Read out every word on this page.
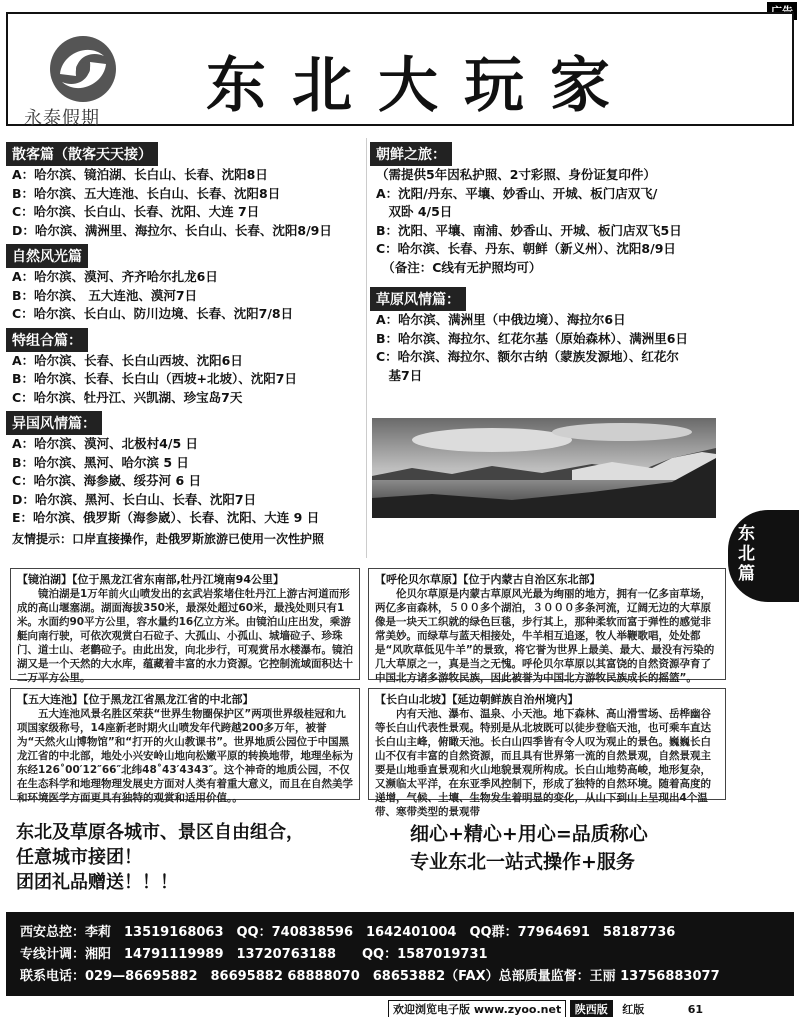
永泰假期 东北大玩家
散客篇（散客天天接）
A：哈尔滨、镜泊湖、长白山、长春、沈阳8日
B：哈尔滨、五大连池、长白山、长春、沈阳8日
C：哈尔滨、长白山、长春、沈阳、大连 7日
D：哈尔滨、满洲里、海拉尔、长白山、长春、沈阳8/9日
自然风光篇
A：哈尔滨、漠河、齐齐哈尔扎龙6日
B：哈尔滨、 五大连池、漠河7日
C：哈尔滨、长白山、防川边境、长春、沈阳7/8日
特组合篇：
A：哈尔滨、长春、长白山西坡、沈阳6日
B：哈尔滨、长春、长白山（西坡+北坡）、沈阳7日
C：哈尔滨、牡丹江、兴凯湖、珍宝岛7天
异国风情篇：
A：哈尔滨、漠河、北极村4/5 日
B：哈尔滨、黑河、哈尔滨 5 日
C：哈尔滨、海参崴、绥芬河 6 日
D：哈尔滨、黑河、长白山、长春、沈阳7日
E：哈尔滨、俄罗斯（海参崴）、长春、沈阳、大连 9 日
友情提示：口岸直接操作，赴俄罗斯旅游已使用一次性护照
朝鲜之旅：
（需提供5年因私护照、2寸彩照、身份证复印件）
A：沈阳/丹东、平壤、妙香山、开城、板门店双飞/
　双卧 4/5日
B：沈阳、平壤、南浦、妙香山、开城、板门店双飞5日
C：哈尔滨、长春、丹东、朝鲜（新义州）、沈阳8/9日
　（备注：C线有无护照均可）
草原风情篇：
A：哈尔滨、满洲里（中俄边境）、海拉尔6日
B：哈尔滨、海拉尔、红花尔基（原始森林）、满洲里6日
C：哈尔滨、海拉尔、额尔古纳（蒙族发源地）、红花尔
　基7日
东北篇
【镜泊湖】【位于黑龙江省东南部,牡丹江境南94公里】
镜泊湖是1万年前火山喷发出的玄武岩浆堵住牡丹江上游古河道而形成的高山堰塞湖。湖面海拔350米，最深处超过60米，最浅处则只有1米。水面约90平方公里，容水量约16亿立方米。由镜泊山庄出发，乘游艇向南行驶，可依次观赏白石砬子、大孤山、小孤山、城墙砬子、珍珠门、道士山、老鹳砬子。由此出发，向北步行，可观赏吊水楼瀑布。镜泊湖又是一个天然的大水库，蕴藏着丰富的水力资源。它控制流域面积达十二万平方公里。
【五大连池】【位于黑龙江省黑龙江省的中北部】
五大连池风景名胜区荣获“世界生物圈保护区”两项世界级桂冠和九项国家级称号，14座新老时期火山喷发年代跨越200多万年，被誉为“天然火山博物馆”和“打开的火山教课书”。世界地质公园位于中国黑龙江省的中北部，地处小兴安岭山地向松嫩平原的转换地带，地理坐标为东经126˚00′12″66″北纬48˚43′4343″。这个神奇的地质公园，不仅在生态科学和地理物理发展史方面对人类有着重大意义，而且在自然美学和环境医学方面更具有独特的观赏和适用价值。。
【呼伦贝尔草原】【位于内蒙古自治区东北部】
伦贝尔草原是内蒙古草原风光最为绚丽的地方，拥有一亿多亩草场，两亿多亩森林，５００多个湖泊，３０００多条河流，辽阔无边的大草原像是一块天工织就的绿色巨毯，步行其上，那种柔软而富于弹性的感觉非常美妙。而绿草与蓝天相接处，牛羊相互追逐，牧人举鞭歌唱，处处都是“风吹草低见牛羊”的景致，将它誉为世界上最美、最大、最没有污染的几大草原之一，真是当之无愧。呼伦贝尔草原以其富饶的自然资源孕育了中国北方诸多游牧民族，因此被誉为中国北方游牧民族成长的摇篮”。
【长白山北坡】【延边朝鲜族自治州境内】
内有天池、瀑布、温泉、小天池。地下森林、高山滑雪场、岳桦幽谷等长白山代表性景观。特别是从北坡既可以徒步登临天池，也可乘车直达长白山主峰，俯瞰天池。长白山四季皆有令人叹为观止的景色。巍巍长白山不仅有丰富的自然资源，而且具有世界第一流的自然景观，自然景观主要是山地垂直景观和火山地貌景观所构成。长白山地势高峻，地形复杂，又濒临太平洋，在东亚季风控制下，形成了独特的自然环境。随着高度的递增，气候、土壤、生物发生着明显的变化，从山下到山上呈现出4个温带、寒带类型的景观带
东北及草原各城市、景区自由组合，
任意城市接团！
团团礼品赠送！！！
细心+精心+用心=品质称心
专业东北一站式操作+服务
西安总控：李莉　13519168063　QQ：740838596　1642401004　QQ群：77964691　58187736
专线计调：湘阳　14791119989　13720763188　　QQ：1587019731
联系电话：029—86695882　86695882 68888070　68653882（FAX）总部质量监督：王丽 13756883077
欢迎浏览电子版 www.zyoo.net 陕西版 红版	61
